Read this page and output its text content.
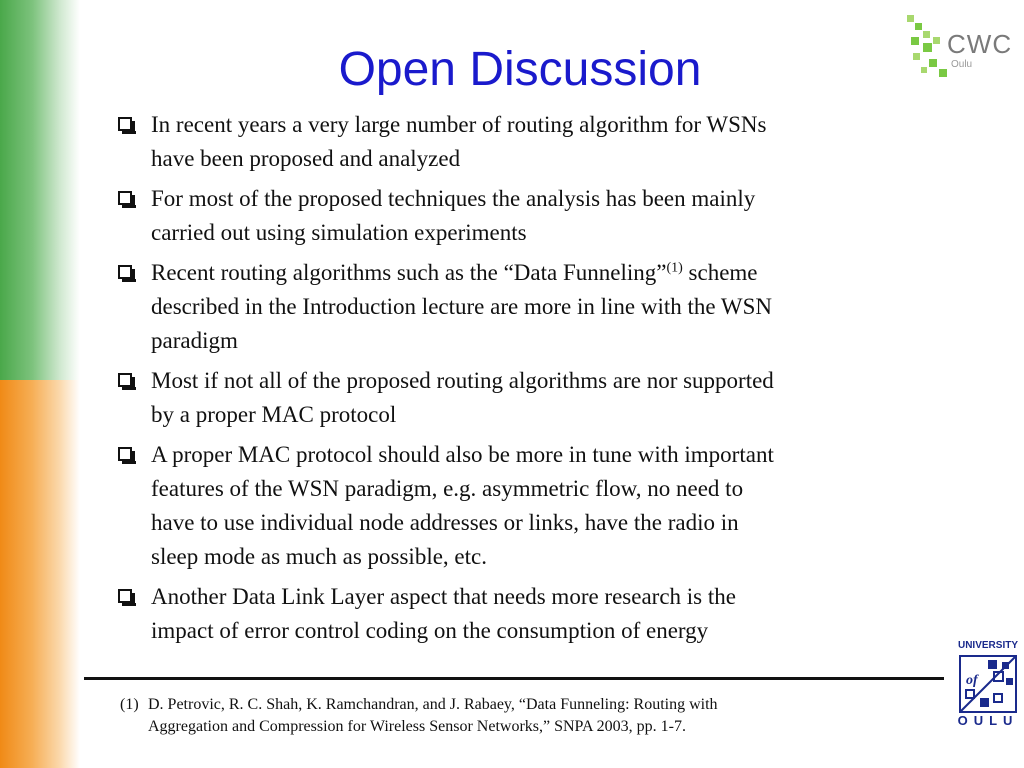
Open Discussion	CWC
Oulu
In recent years a very large number of routing algorithm for WSNs
have been proposed and analyzed
For most of the proposed techniques the analysis has been mainly
carried out using simulation experiments
Recent routing algorithms such as the “Data Funneling”$^{(1)}$ scheme
described in the Introduction lecture are more in line with the WSN
paradigm
Most if not all of the proposed routing algorithms are nor supported
by a proper MAC protocol
A proper MAC protocol should also be more in tune with important
features of the WSN paradigm, e.g. asymmetric flow, no need to
have to use individual node addresses or links, have the radio in
sleep mode as much as possible, etc.
Another Data Link Layer aspect that needs more research is the
impact of error control coding on the consumption of energy
(1) D. Petrovic, R. C. Shah, K. Ramchandran, and J. Rabaey, “Data Funneling: Routing with
Aggregation and Compression for Wireless Sensor Networks,” SNPA 2003, pp. 1-7.
UNIVERSITY
of
OULU
